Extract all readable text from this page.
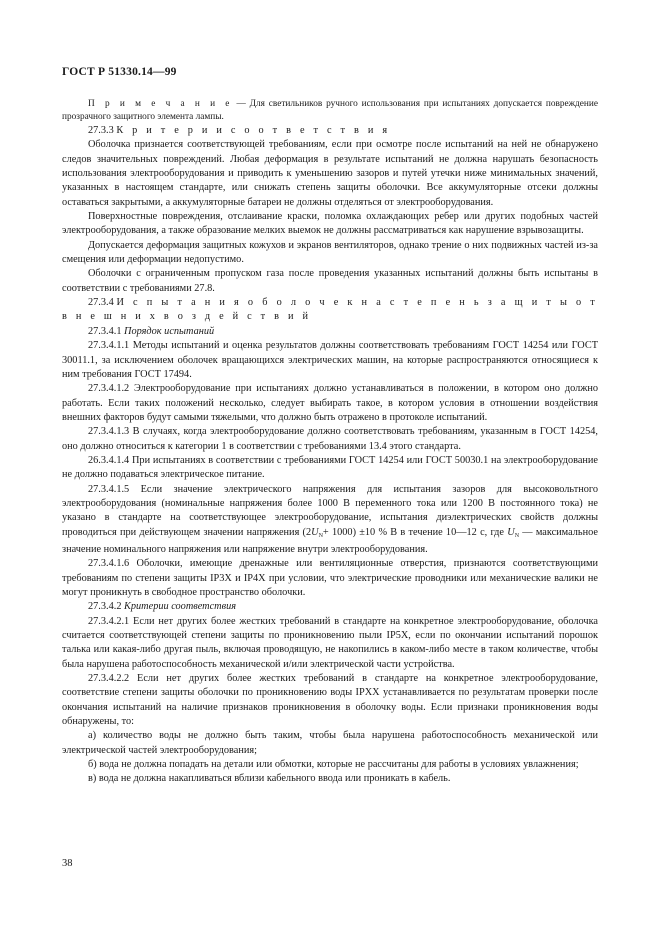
ГОСТ Р 51330.14—99

П р и м е ч а н и е — Для светильников ручного использования при испытаниях допускается повреждение прозрачного защитного элемента лампы.

27.3.3 К р и т е р и и с о о т в е т с т в и я

Оболочка признается соответствующей требованиям, если при осмотре после испытаний на ней не обнаружено следов значительных повреждений. Любая деформация в результате испытаний не должна нарушать безопасность использования электрооборудования и приводить к уменьшению зазоров и путей утечки ниже минимальных значений, указанных в настоящем стандарте, или снижать степень защиты оболочки. Все аккумуляторные отсеки должны оставаться закрытыми, а аккумуляторные батареи не должны отделяться от электрооборудования.

Поверхностные повреждения, отслаивание краски, поломка охлаждающих ребер или других подобных частей электрооборудования, а также образование мелких выемок не должны рассматриваться как нарушение взрывозащиты.

Допускается деформация защитных кожухов и экранов вентиляторов, однако трение о них подвижных частей из-за смещения или деформации недопустимо.

Оболочки с ограниченным пропуском газа после проведения указанных испытаний должны быть испытаны в соответствии с требованиями 27.8.

27.3.4 И с п ы т а н и я о б о л о ч е к н а с т е п е н ь з а щ и т ы о т в н е ш н и х в о з д е й с т в и й

27.3.4.1 Порядок испытаний

27.3.4.1.1 Методы испытаний и оценка результатов должны соответствовать требованиям ГОСТ 14254 или ГОСТ 30011.1, за исключением оболочек вращающихся электрических машин, на которые распространяются относящиеся к ним требования ГОСТ 17494.

27.3.4.1.2 Электрооборудование при испытаниях должно устанавливаться в положении, в котором оно должно работать. Если таких положений несколько, следует выбирать такое, в котором условия в отношении воздействия внешних факторов будут самыми тяжелыми, что должно быть отражено в протоколе испытаний.

27.3.4.1.3 В случаях, когда электрооборудование должно соответствовать требованиям, указанным в ГОСТ 14254, оно должно относиться к категории 1 в соответствии с требованиями 13.4 этого стандарта.

26.3.4.1.4 При испытаниях в соответствии с требованиями ГОСТ 14254 или ГОСТ 50030.1 на электрооборудование не должно подаваться электрическое питание.

27.3.4.1.5 Если значение электрического напряжения для испытания зазоров для высоковольтного электрооборудования (номинальные напряжения более 1000 В переменного тока или 1200 В постоянного тока) не указано в стандарте на соответствующее электрооборудование, испытания диэлектрических свойств должны проводиться при действующем значении напряжения $(2U_N+ 1000) \pm 10$ % В в течение 10—12 с, где $U_N$ — максимальное значение номинального напряжения или напряжение внутри электрооборудования.

27.3.4.1.6 Оболочки, имеющие дренажные или вентиляционные отверстия, признаются соответствующими требованиям по степени защиты IP3X и IP4X при условии, что электрические проводники или механические валики не могут проникнуть в свободное пространство оболочки.

27.3.4.2 Критерии соответствия

27.3.4.2.1 Если нет других более жестких требований в стандарте на конкретное электрооборудование, оболочка считается соответствующей степени защиты по проникновению пыли IP5X, если по окончании испытаний порошок талька или какая-либо другая пыль, включая проводящую, не накопились в каком-либо месте в таком количестве, чтобы была нарушена работоспособность механической и/или электрической части устройства.

27.3.4.2.2 Если нет других более жестких требований в стандарте на конкретное электрооборудование, соответствие степени защиты оболочки по проникновению воды IPXX устанавливается по результатам проверки после окончания испытаний на наличие признаков проникновения в оболочку воды. Если признаки проникновения воды обнаружены, то:

а) количество воды не должно быть таким, чтобы была нарушена работоспособность механической или электрической частей электрооборудования;

б) вода не должна попадать на детали или обмотки, которые не рассчитаны для работы в условиях увлажнения;

в) вода не должна накапливаться вблизи кабельного ввода или проникать в кабель.

38
